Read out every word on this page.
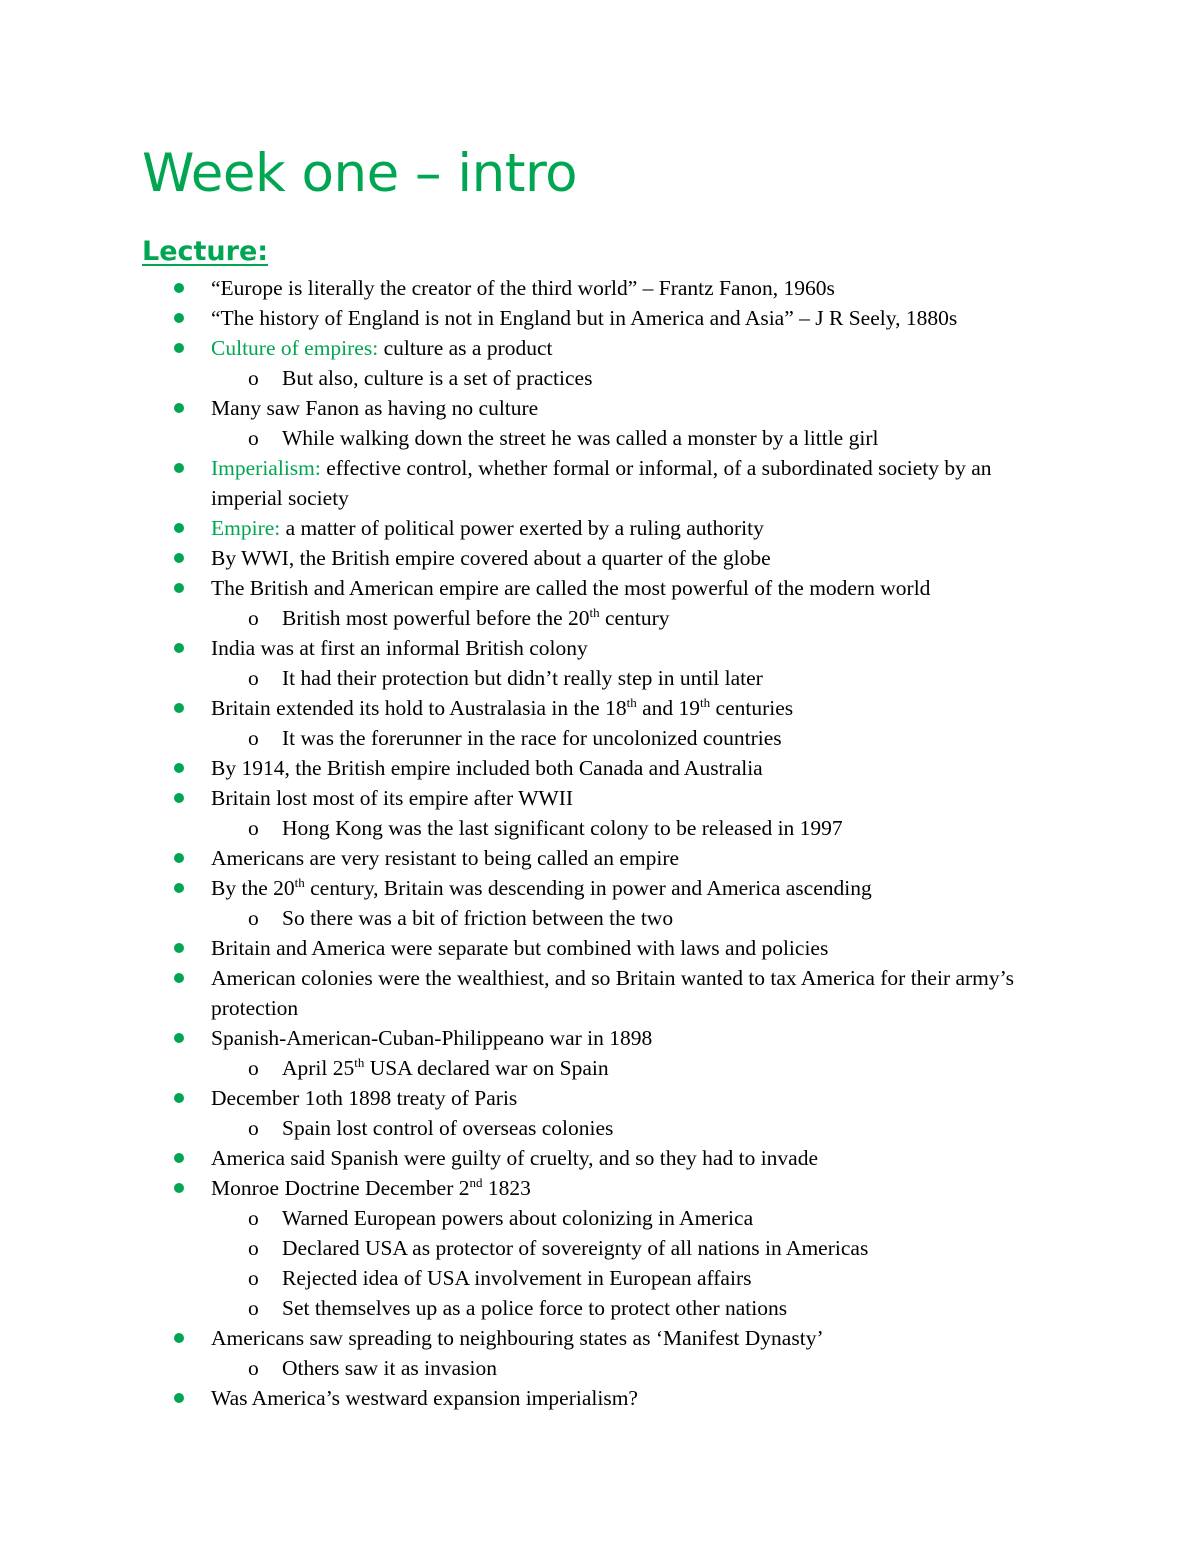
Week one – intro
Lecture:
“Europe is literally the creator of the third world” – Frantz Fanon, 1960s
“The history of England is not in England but in America and Asia” – J R Seely, 1880s
Culture of empires: culture as a product
o But also, culture is a set of practices
Many saw Fanon as having no culture
o While walking down the street he was called a monster by a little girl
Imperialism: effective control, whether formal or informal, of a subordinated society by an imperial society
Empire: a matter of political power exerted by a ruling authority
By WWI, the British empire covered about a quarter of the globe
The British and American empire are called the most powerful of the modern world
o British most powerful before the 20th century
India was at first an informal British colony
o It had their protection but didn’t really step in until later
Britain extended its hold to Australasia in the 18th and 19th centuries
o It was the forerunner in the race for uncolonized countries
By 1914, the British empire included both Canada and Australia
Britain lost most of its empire after WWII
o Hong Kong was the last significant colony to be released in 1997
Americans are very resistant to being called an empire
By the 20th century, Britain was descending in power and America ascending
o So there was a bit of friction between the two
Britain and America were separate but combined with laws and policies
American colonies were the wealthiest, and so Britain wanted to tax America for their army’s protection
Spanish-American-Cuban-Philippeano war in 1898
o April 25th USA declared war on Spain
December 1oth 1898 treaty of Paris
o Spain lost control of overseas colonies
America said Spanish were guilty of cruelty, and so they had to invade
Monroe Doctrine December 2nd 1823
o Warned European powers about colonizing in America
o Declared USA as protector of sovereignty of all nations in Americas
o Rejected idea of USA involvement in European affairs
o Set themselves up as a police force to protect other nations
Americans saw spreading to neighbouring states as ‘Manifest Dynasty’
o Others saw it as invasion
Was America’s westward expansion imperialism?
